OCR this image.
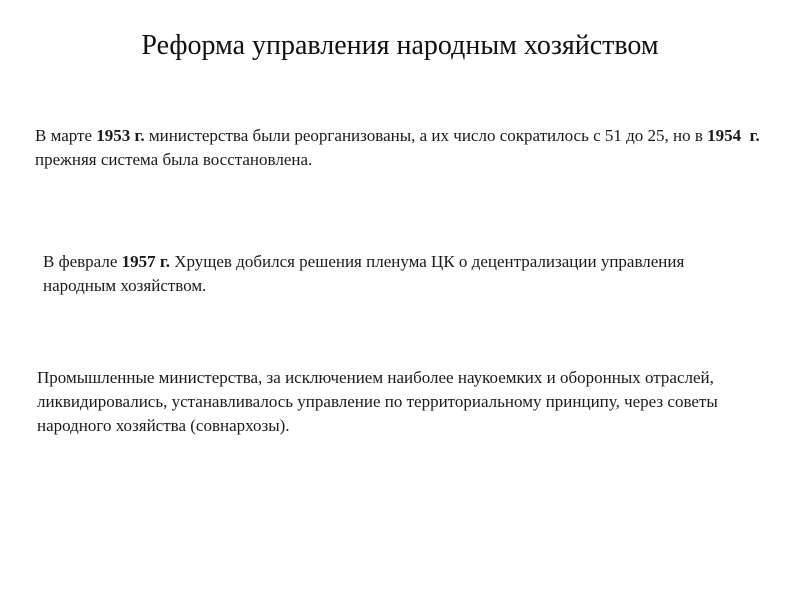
Реформа управления народным хозяйством
В марте 1953 г. министерства были реорганизованы, а их число сократилось с 51 до 25, но в 1954  г. прежняя система была восстановлена.
В феврале 1957 г. Хрущев добился решения пленума ЦК о децентрализации управления народным хозяйством.
Промышленные министерства, за исключением наиболее наукоемких и оборонных отраслей, ликвидировались, устанавливалось управление по территориальному принципу, через советы народного хозяйства (совнархозы).
